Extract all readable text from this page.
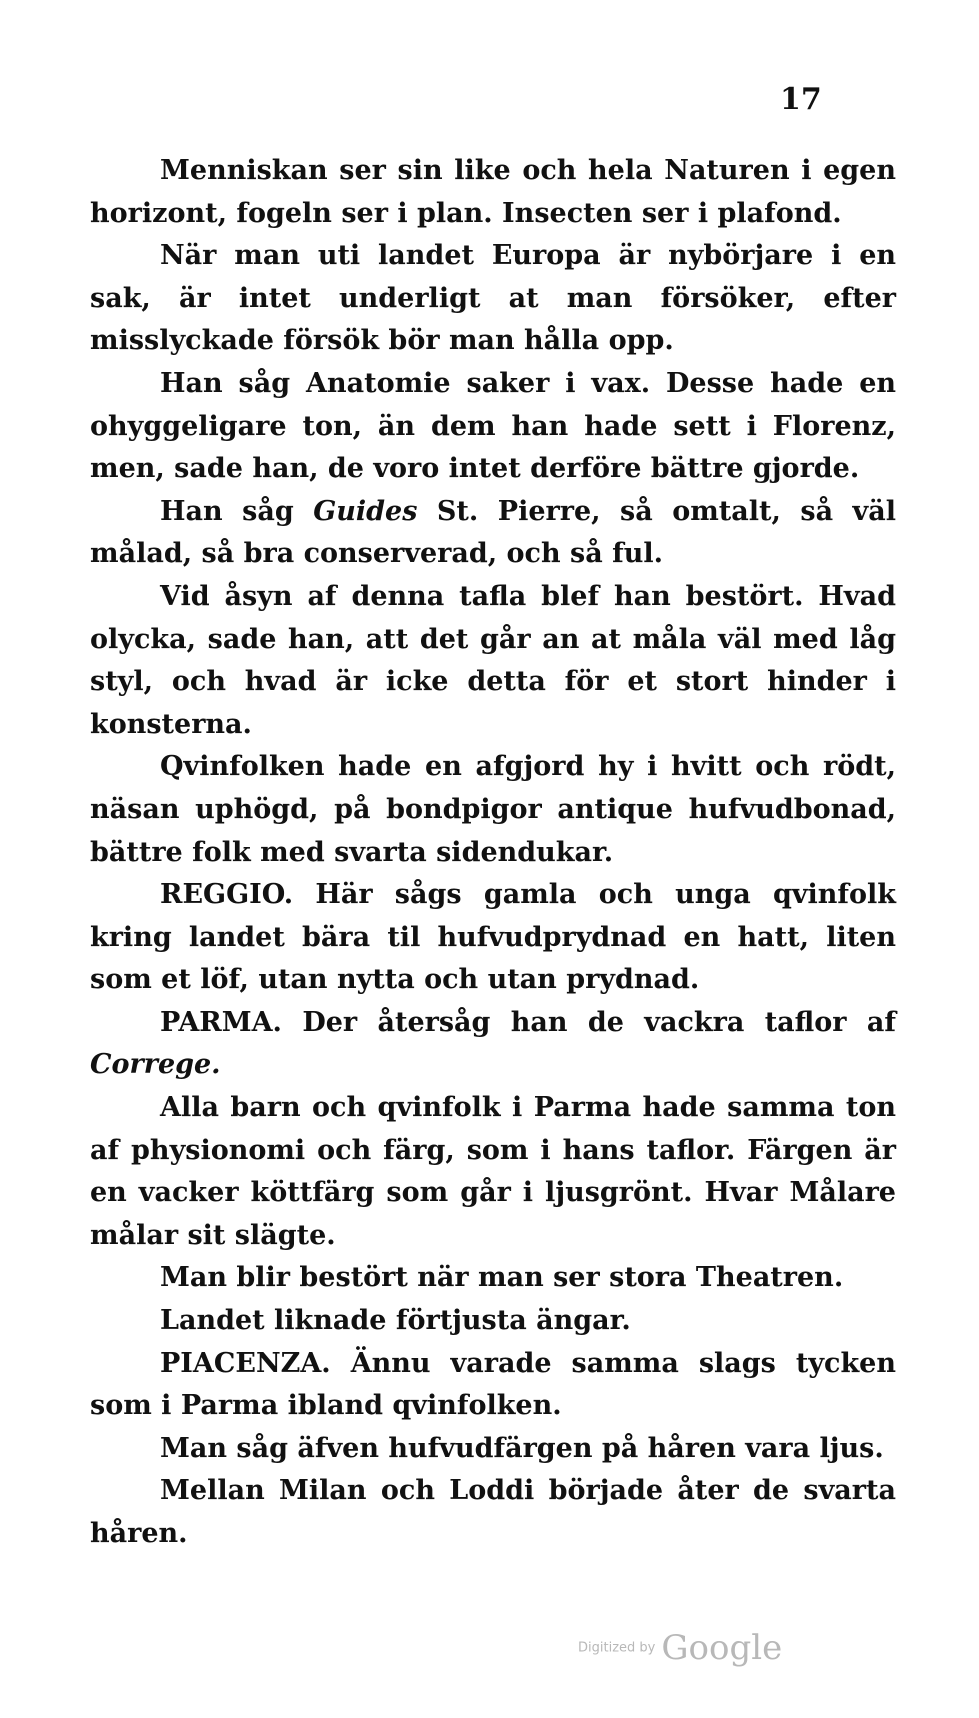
17

Menniskan ser sin like och hela Naturen i egen horizont, fogeln ser i plan. Insecten ser i plafond.

När man uti landet Europa är nybörjare i en sak, är intet underligt at man försöker, efter misslyckade försök bör man hålla opp.

Han såg Anatomie saker i vax. Desse hade en ohyggeligare ton, än dem han hade sett i Florenz, men, sade han, de voro intet derföre bättre gjorde.

Han såg Guides St. Pierre, så omtalt, så väl målad, så bra conserverad, och så ful.

Vid åsyn af denna tafla blef han bestört. Hvad olycka, sade han, att det går an at måla väl med låg styl, och hvad är icke detta för et stort hinder i konsterna.

Qvinfolken hade en afgjord hy i hvitt och rödt, näsan uphögd, på bondpigor antique hufvudbonad, bättre folk med svarta sidendukar.

REGGIO. Här sågs gamla och unga qvinfolk kring landet bära til hufvudprydnad en hatt, liten som et löf, utan nytta och utan prydnad.

PARMA. Der återsåg han de vackra taflor af Correge.

Alla barn och qvinfolk i Parma hade samma ton af physionomi och färg, som i hans taflor. Färgen är en vacker köttfärg som går i ljusgrönt. Hvar Målare målar sit slägte.

Man blir bestört när man ser stora Theatren.

Landet liknade förtjusta ängar.

PIACENZA. Ännu varade samma slags tycken som i Parma ibland qvinfolken.

Man såg äfven hufvudfärgen på håren vara ljus.

Mellan Milan och Loddi började åter de svarta håren.

Digitized by Google
